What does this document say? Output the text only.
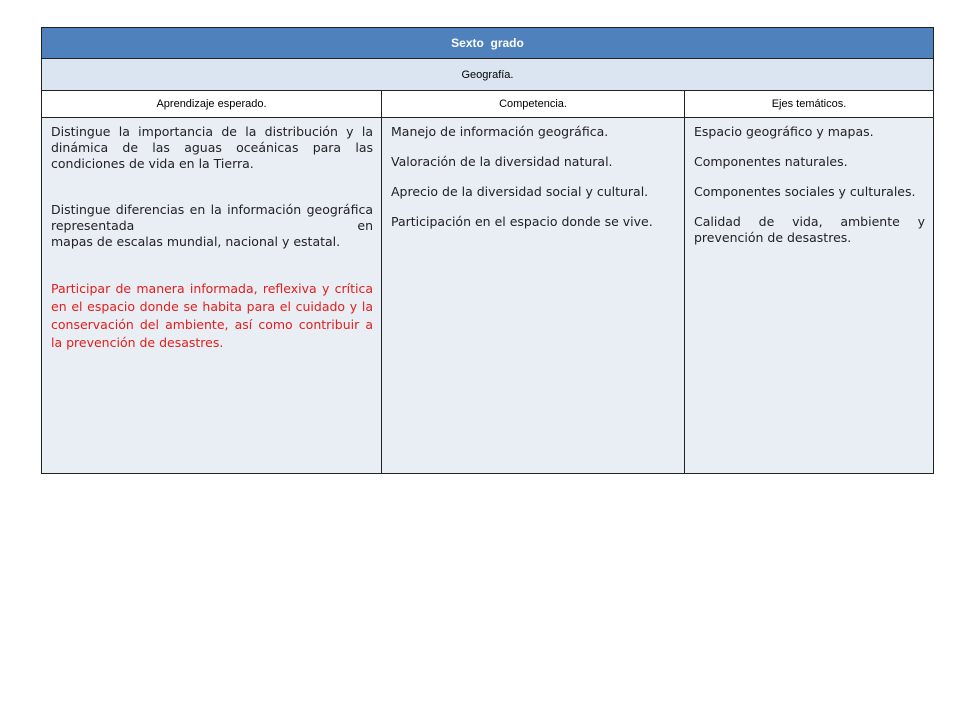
Sexto  grado
Geografía.
Aprendizaje esperado.	Competencia.	Ejes temáticos.

Distingue la importancia de la distribución y la dinámica de las aguas oceánicas para las condiciones de vida en la Tierra.

Distingue diferencias en la información geográfica representada en
mapas de escalas mundial, nacional y estatal.

Participar de manera informada, reflexiva y crítica en el espacio donde se habita para el cuidado y la conservación del ambiente, así como contribuir a la prevención de desastres.

Manejo de información geográfica.

Valoración de la diversidad natural.

Aprecio de la diversidad social y cultural.

Participación en el espacio donde se vive.

Espacio geográfico y mapas.

Componentes naturales.

Componentes sociales y culturales.

Calidad de vida, ambiente y prevención de desastres.
